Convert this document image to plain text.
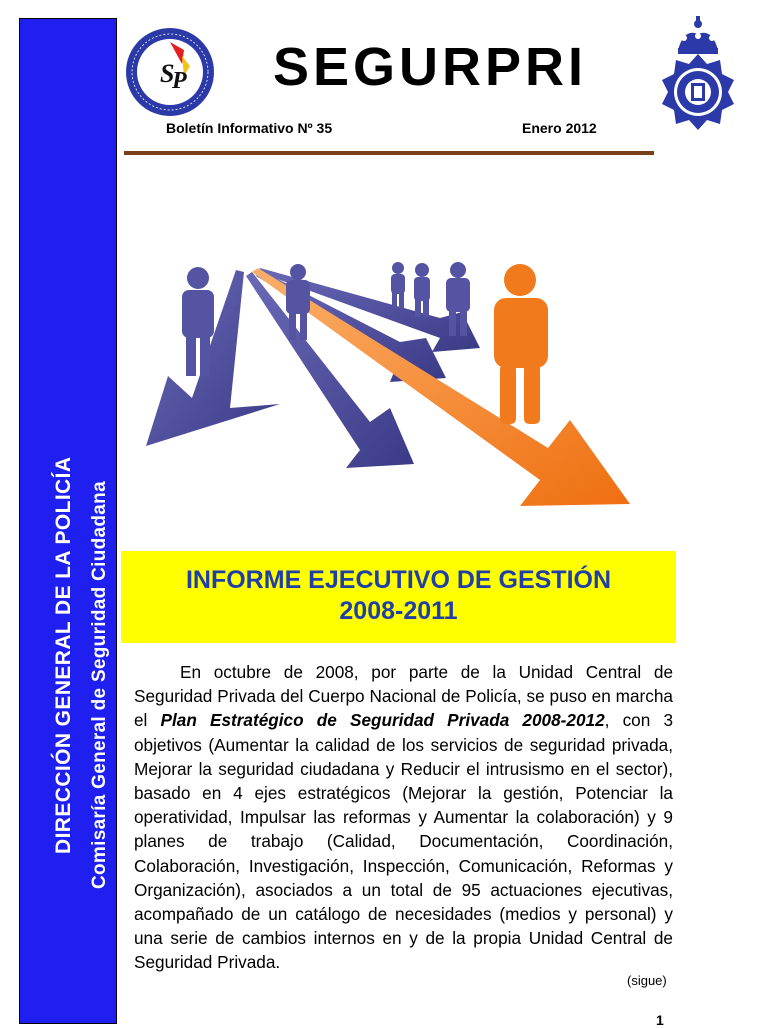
DIRECCIÓN GENERAL DE LA POLICÍA Comisaría General de Seguridad Ciudadana
S
P	SEGURPRI
Boletín Informativo Nº 35	Enero 2012
INFORME EJECUTIVO DE GESTIÓN
2008-2011

En octubre de 2008, por parte de la Unidad Central de Seguridad Privada del Cuerpo Nacional de Policía, se puso en marcha el Plan Estratégico de Seguridad Privada 2008-2012, con 3 objetivos (Aumentar la calidad de los servicios de seguridad privada, Mejorar la seguridad ciudadana y Reducir el intrusismo en el sector), basado en 4 ejes estratégicos (Mejorar la gestión, Potenciar la operatividad, Impulsar las reformas y Aumentar la colaboración) y 9 planes de trabajo (Calidad, Documentación, Coordinación, Colaboración, Investigación, Inspección, Comunicación, Reformas y Organización), asociados a un total de 95 actuaciones ejecutivas, acompañado de un catálogo de necesidades (medios y personal) y una serie de cambios internos en y de la propia Unidad Central de Seguridad Privada.

(sigue)
1
